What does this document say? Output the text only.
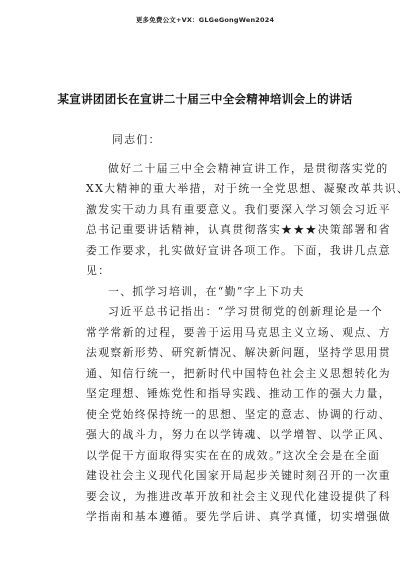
更多免费公文+VX：GLGeGongWen2024
某宣讲团团长在宣讲二十届三中全会精神培训会上的讲话
同志们：
做好二十届三中全会精神宣讲工作，是贯彻落实党的
XX大精神的重大举措，对于统一全党思想、凝聚改革共识、
激发实干动力具有重要意义。我们要深入学习领会习近平
总书记重要讲话精神，认真贯彻落实★★★决策部署和省
委工作要求，扎实做好宣讲各项工作。下面，我讲几点意
见：
一、抓学习培训，在“勤”字上下功夫
习近平总书记指出：“学习贯彻党的创新理论是一个
常学常新的过程，要善于运用马克思主义立场、观点、方
法观察新形势、研究新情况、解决新问题，坚持学思用贯
通、知信行统一，把新时代中国特色社会主义思想转化为
坚定理想、锤炼党性和指导实践、推动工作的强大力量，
使全党始终保持统一的思想、坚定的意志、协调的行动、
强大的战斗力，努力在以学铸魂、以学增智、以学正风、
以学促干方面取得实实在在的成效。”这次全会是在全面
建设社会主义现代化国家开局起步关键时刻召开的一次重
要会议，为推进改革开放和社会主义现代化建设提供了科
学指南和基本遵循。要先学后讲、真学真懂，切实增强做
